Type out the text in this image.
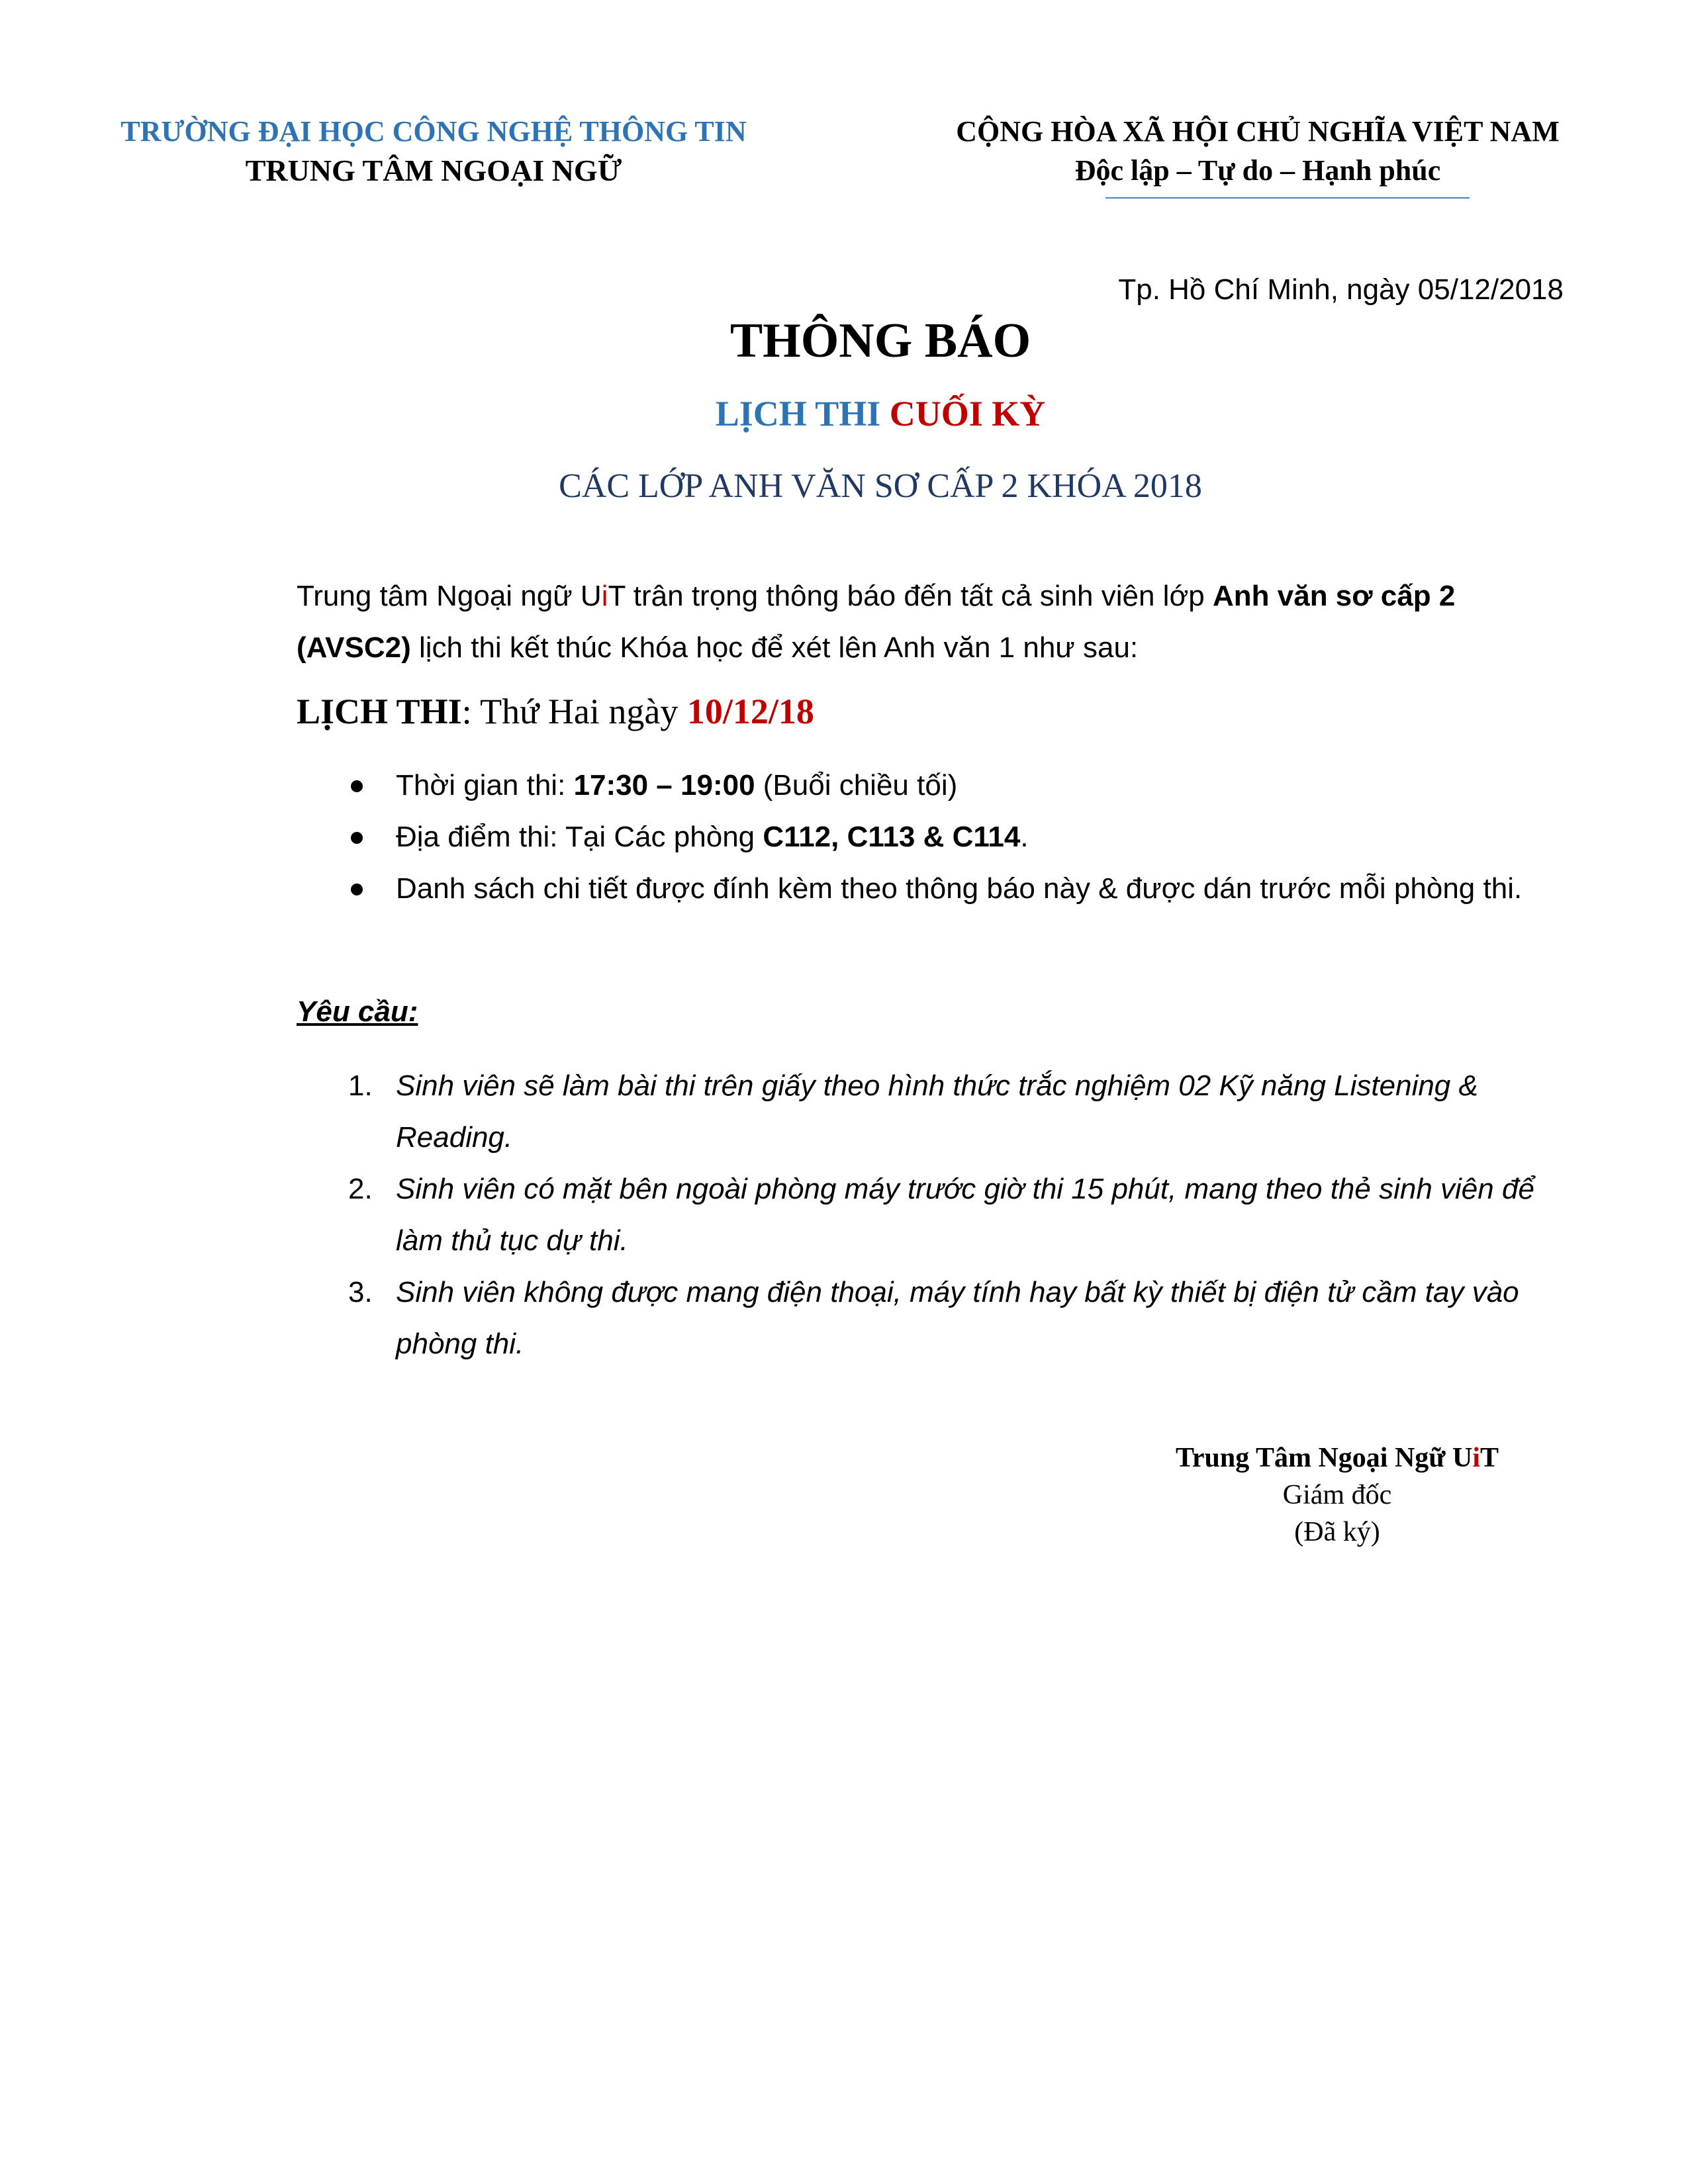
TRƯỜNG ĐẠI HỌC CÔNG NGHỆ THÔNG TIN
TRUNG TÂM NGOẠI NGỮ
CỘNG HÒA XÃ HỘI CHỦ NGHĨA VIỆT NAM
Độc lập – Tự do – Hạnh phúc
Tp. Hồ Chí Minh, ngày 05/12/2018
THÔNG BÁO
LỊCH THI CUỐI KỲ
CÁC LỚP ANH VĂN SƠ CẤP 2 KHÓA 2018
Trung tâm Ngoại ngữ UiT trân trọng thông báo đến tất cả sinh viên lớp Anh văn sơ cấp 2 (AVSC2) lịch thi kết thúc Khóa học để xét lên Anh văn 1 như sau:
LỊCH THI: Thứ Hai ngày 10/12/18
Thời gian thi: 17:30 – 19:00 (Buổi chiều tối)
Địa điểm thi: Tại Các phòng C112, C113 & C114.
Danh sách chi tiết được đính kèm theo thông báo này & được dán trước mỗi phòng thi.
Yêu cầu:
1. Sinh viên sẽ làm bài thi trên giấy theo hình thức trắc nghiệm 02 Kỹ năng Listening & Reading.
2. Sinh viên có mặt bên ngoài phòng máy trước giờ thi 15 phút, mang theo thẻ sinh viên để làm thủ tục dự thi.
3. Sinh viên không được mang điện thoại, máy tính hay bất kỳ thiết bị điện tử cầm tay vào phòng thi.
Trung Tâm Ngoại Ngữ UiT
Giám đốc
(Đã ký)
